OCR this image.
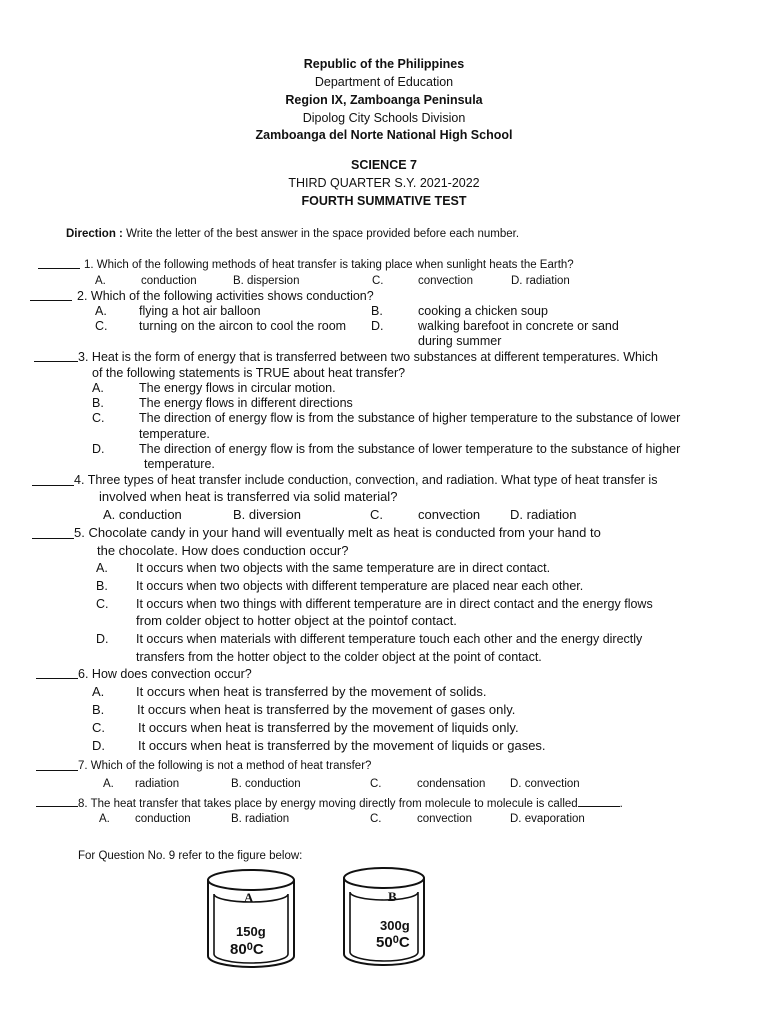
Republic of the Philippines
Department of Education
Region IX, Zamboanga Peninsula
Dipolog City Schools Division
Zamboanga del Norte National High School
SCIENCE 7
THIRD QUARTER S.Y. 2021-2022
FOURTH SUMMATIVE TEST
Direction : Write the letter of the best answer in the space provided before each number.
1. Which of the following methods of heat transfer is taking place when sunlight heats the Earth?
A.	conduction	B. dispersion	C.	convection	D. radiation
2. Which of the following activities shows conduction?
A.	flying a hot air balloon	B.	cooking a chicken soup
C.	turning on the aircon to cool the room D.	walking barefoot in concrete or sand
during summer
3. Heat is the form of energy that is transferred between two substances at different temperatures. Which
of the following statements is TRUE about heat transfer?
A.	The energy flows in circular motion.
B.	The energy flows in different directions
C.	The direction of energy flow is from the substance of higher temperature to the substance of lower
temperature.
D.	The direction of energy flow is from the substance of lower temperature to the substance of higher
temperature.
4. Three types of heat transfer include conduction, convection, and radiation. What type of heat transfer is
involved when heat is transferred via solid material?
A. conduction	B. diversion	C.	convection D. radiation
5. Chocolate candy in your hand will eventually melt as heat is conducted from your hand to
the chocolate. How does conduction occur?
A. It occurs when two objects with the same temperature are in direct contact.
B. It occurs when two objects with different temperature are placed near each other.
C. It occurs when two things with different temperature are in direct contact and the energy flows
from colder object to hotter object at the pointof contact.
D. It occurs when materials with different temperature touch each other and the energy directly
transfers from the hotter object to the colder object at the point of contact.
6. How does convection occur?
A. It occurs when heat is transferred by the movement of solids.
B.	It occurs when heat is transferred by the movement of gases only.
C.	It occurs when heat is transferred by the movement of liquids only.
D.	It occurs when heat is transferred by the movement of liquids or gases.
7. Which of the following is not a method of heat transfer?
A. radiation	B. conduction	C.	condensation D. convection
8. The heat transfer that takes place by energy moving directly from molecule to molecule is called	.
A. conduction	B. radiation	C.	convection	D. evaporation
For Question No. 9 refer to the figure below:
A
150g
$80^0C$
B
300g
$50^0C$
